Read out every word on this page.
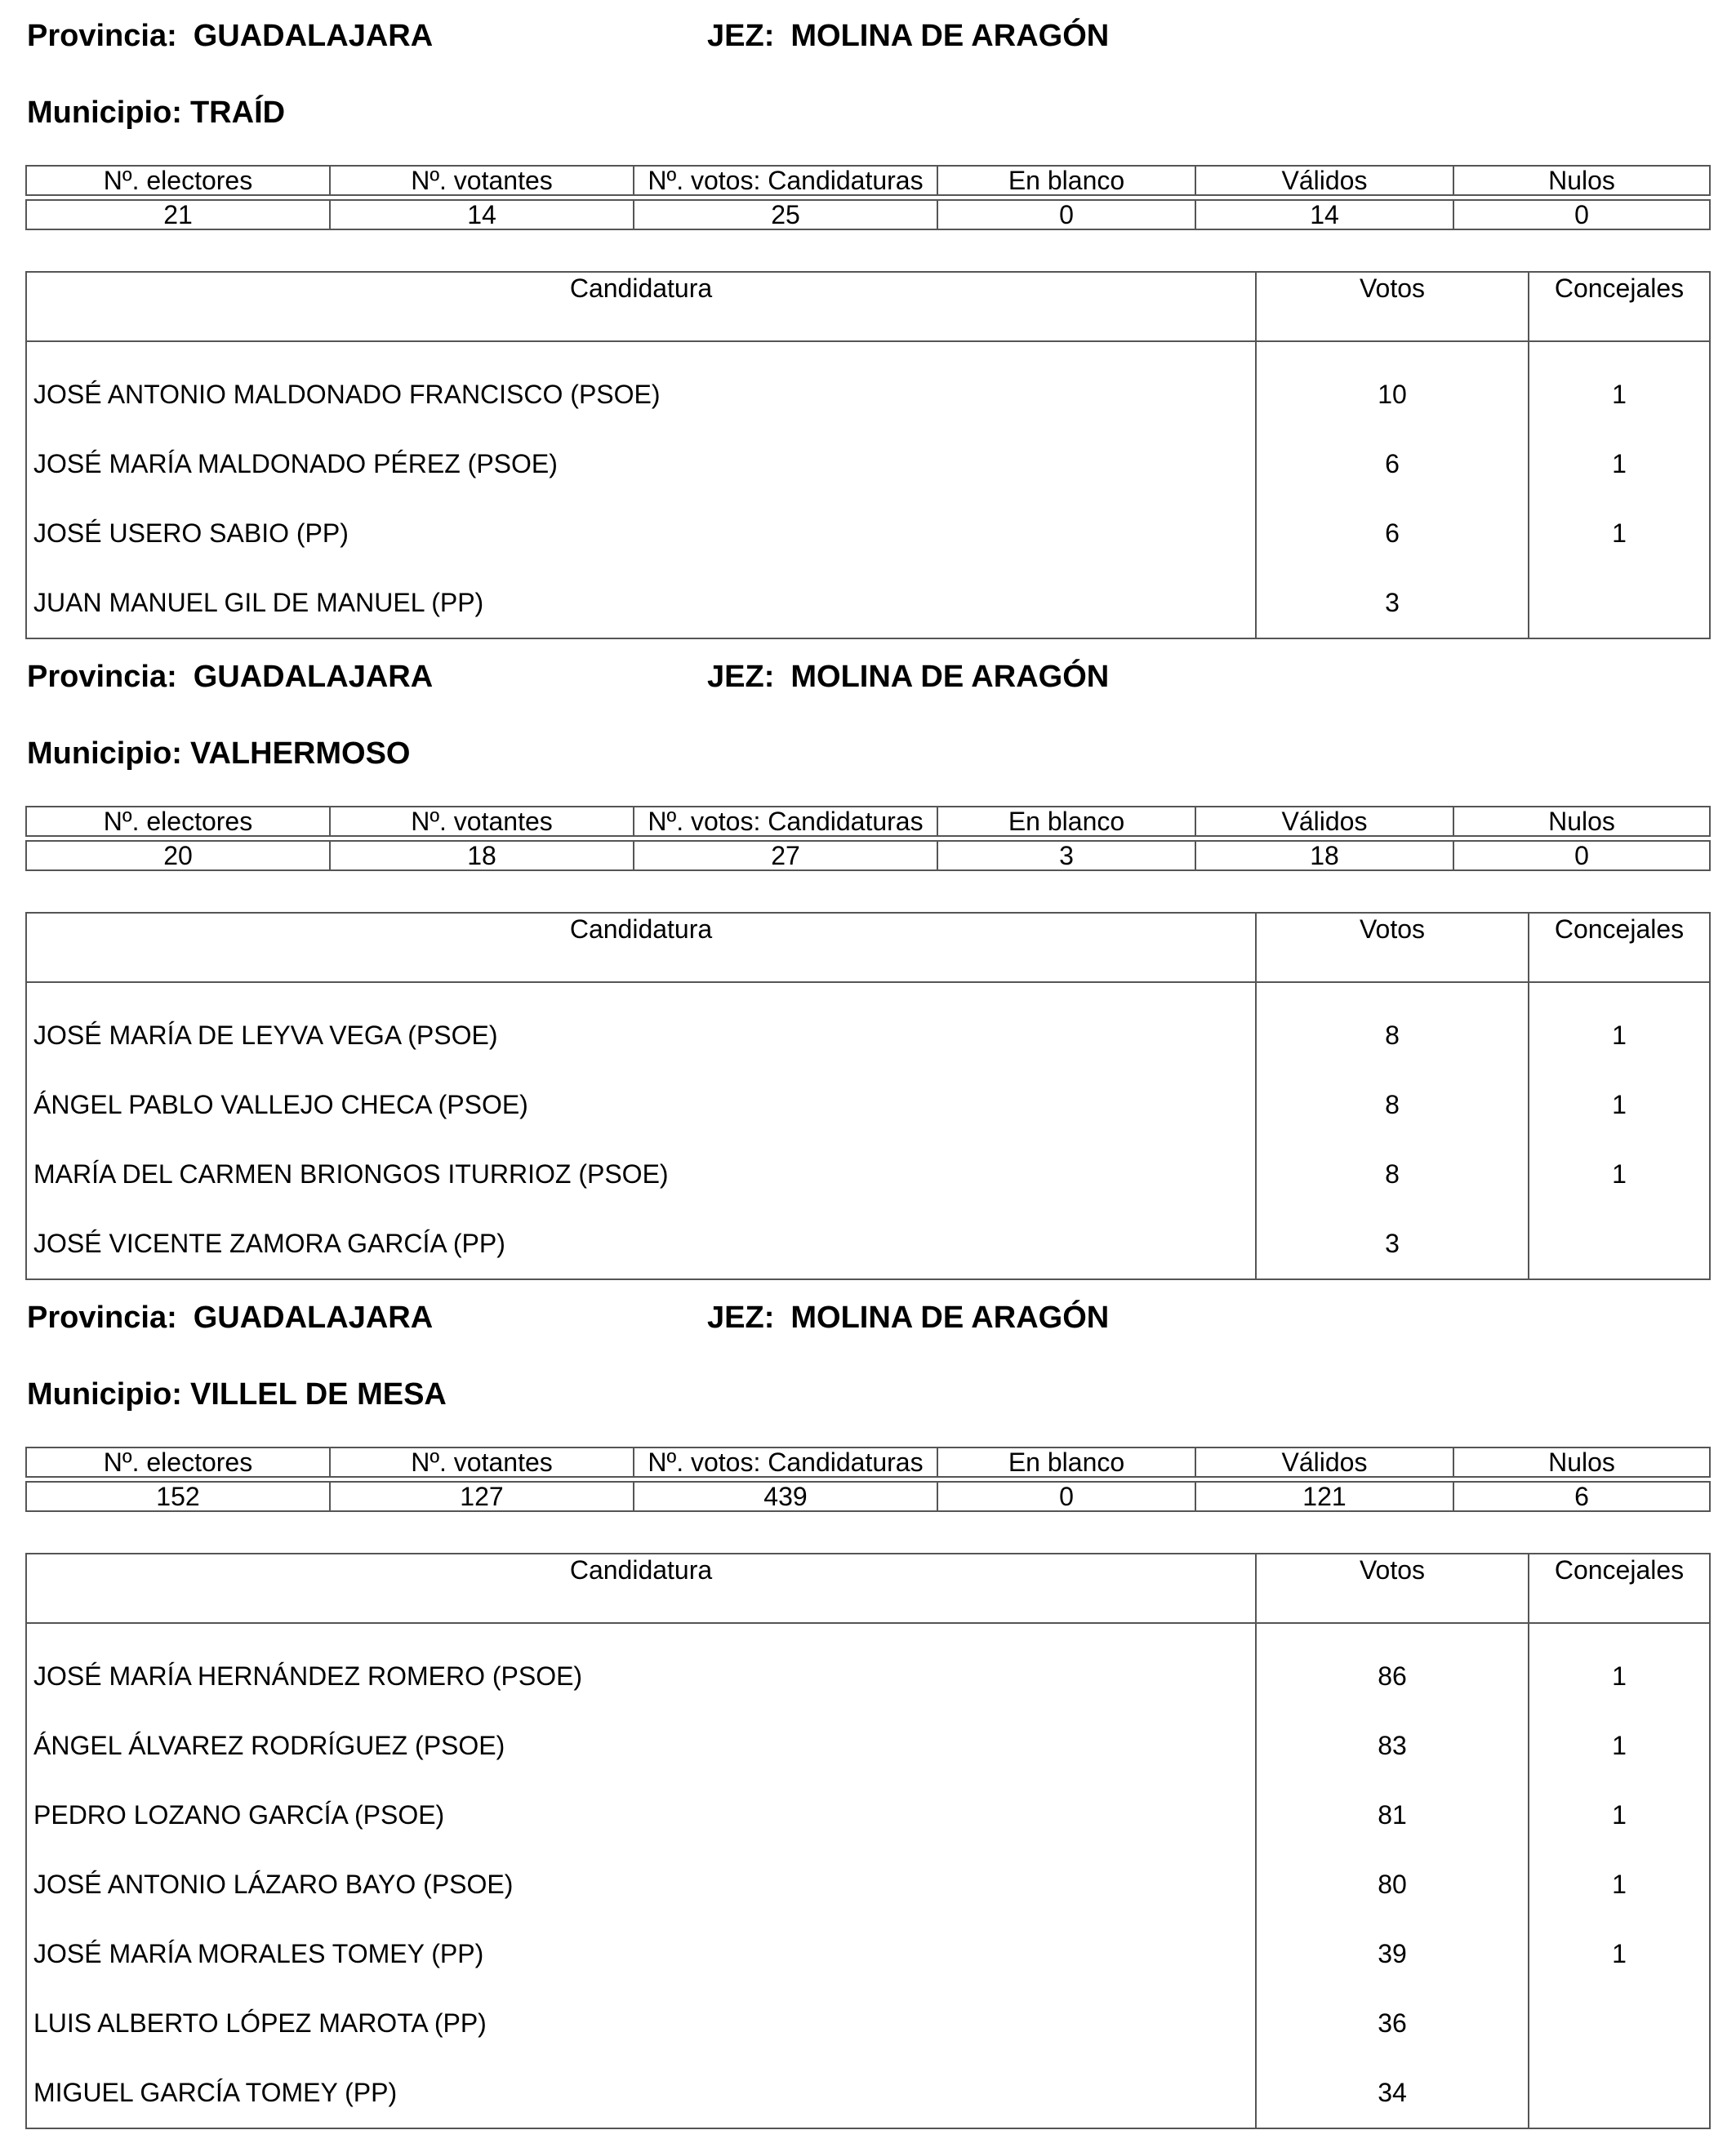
Provincia: GUADALAJARA	JEZ: MOLINA DE ARAGÓN
Municipio: TRAÍD
Nº. electores	Nº. votantes	Nº. votos: Candidaturas	En blanco	Válidos	Nulos

21	14	25	0	14	0
Candidatura	Votos	Concejales
JOSÉ ANTONIO MALDONADO FRANCISCO (PSOE)	10	1
JOSÉ MARÍA MALDONADO PÉREZ (PSOE)	6	1
JOSÉ USERO SABIO (PP)	6	1
JUAN MANUEL GIL DE MANUEL (PP)	3	
Provincia: GUADALAJARA	JEZ: MOLINA DE ARAGÓN
Municipio: VALHERMOSO
Nº. electores	Nº. votantes	Nº. votos: Candidaturas	En blanco	Válidos	Nulos

20	18	27	3	18	0
Candidatura	Votos	Concejales
JOSÉ MARÍA DE LEYVA VEGA (PSOE)	8	1
ÁNGEL PABLO VALLEJO CHECA (PSOE)	8	1
MARÍA DEL CARMEN BRIONGOS ITURRIOZ (PSOE)	8	1
JOSÉ VICENTE ZAMORA GARCÍA (PP)	3	
Provincia: GUADALAJARA	JEZ: MOLINA DE ARAGÓN
Municipio: VILLEL DE MESA
Nº. electores	Nº. votantes	Nº. votos: Candidaturas	En blanco	Válidos	Nulos

152	127	439	0	121	6
Candidatura	Votos	Concejales
JOSÉ MARÍA HERNÁNDEZ ROMERO (PSOE)	86	1
ÁNGEL ÁLVAREZ RODRÍGUEZ (PSOE)	83	1
PEDRO LOZANO GARCÍA (PSOE)	81	1
JOSÉ ANTONIO LÁZARO BAYO (PSOE)	80	1
JOSÉ MARÍA MORALES TOMEY (PP)	39	1
LUIS ALBERTO LÓPEZ MAROTA (PP)	36	
MIGUEL GARCÍA TOMEY (PP)	34	
